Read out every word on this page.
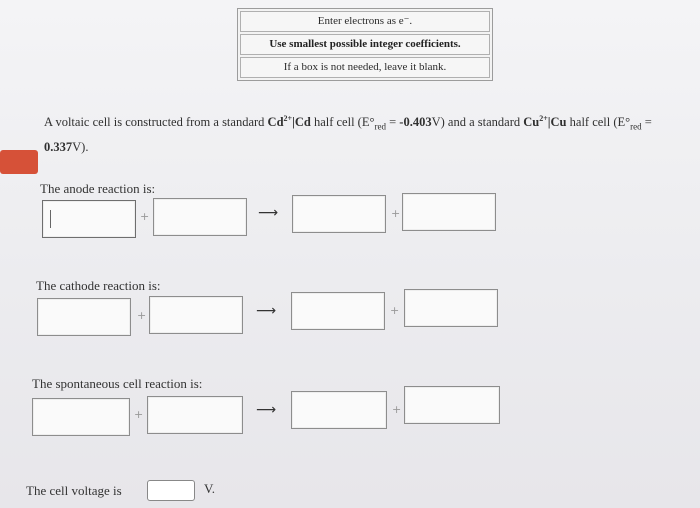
Enter electrons as e⁻.
Use smallest possible integer coefficients.
If a box is not needed, leave it blank.
A voltaic cell is constructed from a standard $Cd^{2+}|Cd$ half cell $(E^\circ_{red} = -0.403V)$ and a standard $Cu^{2+}|Cu$ half cell $(E^\circ_{red} = 0.337V)$.
The anode reaction is:
+	⟶	+
The cathode reaction is:
+	⟶	+
The spontaneous cell reaction is:
+	⟶	+
The cell voltage is	V.
